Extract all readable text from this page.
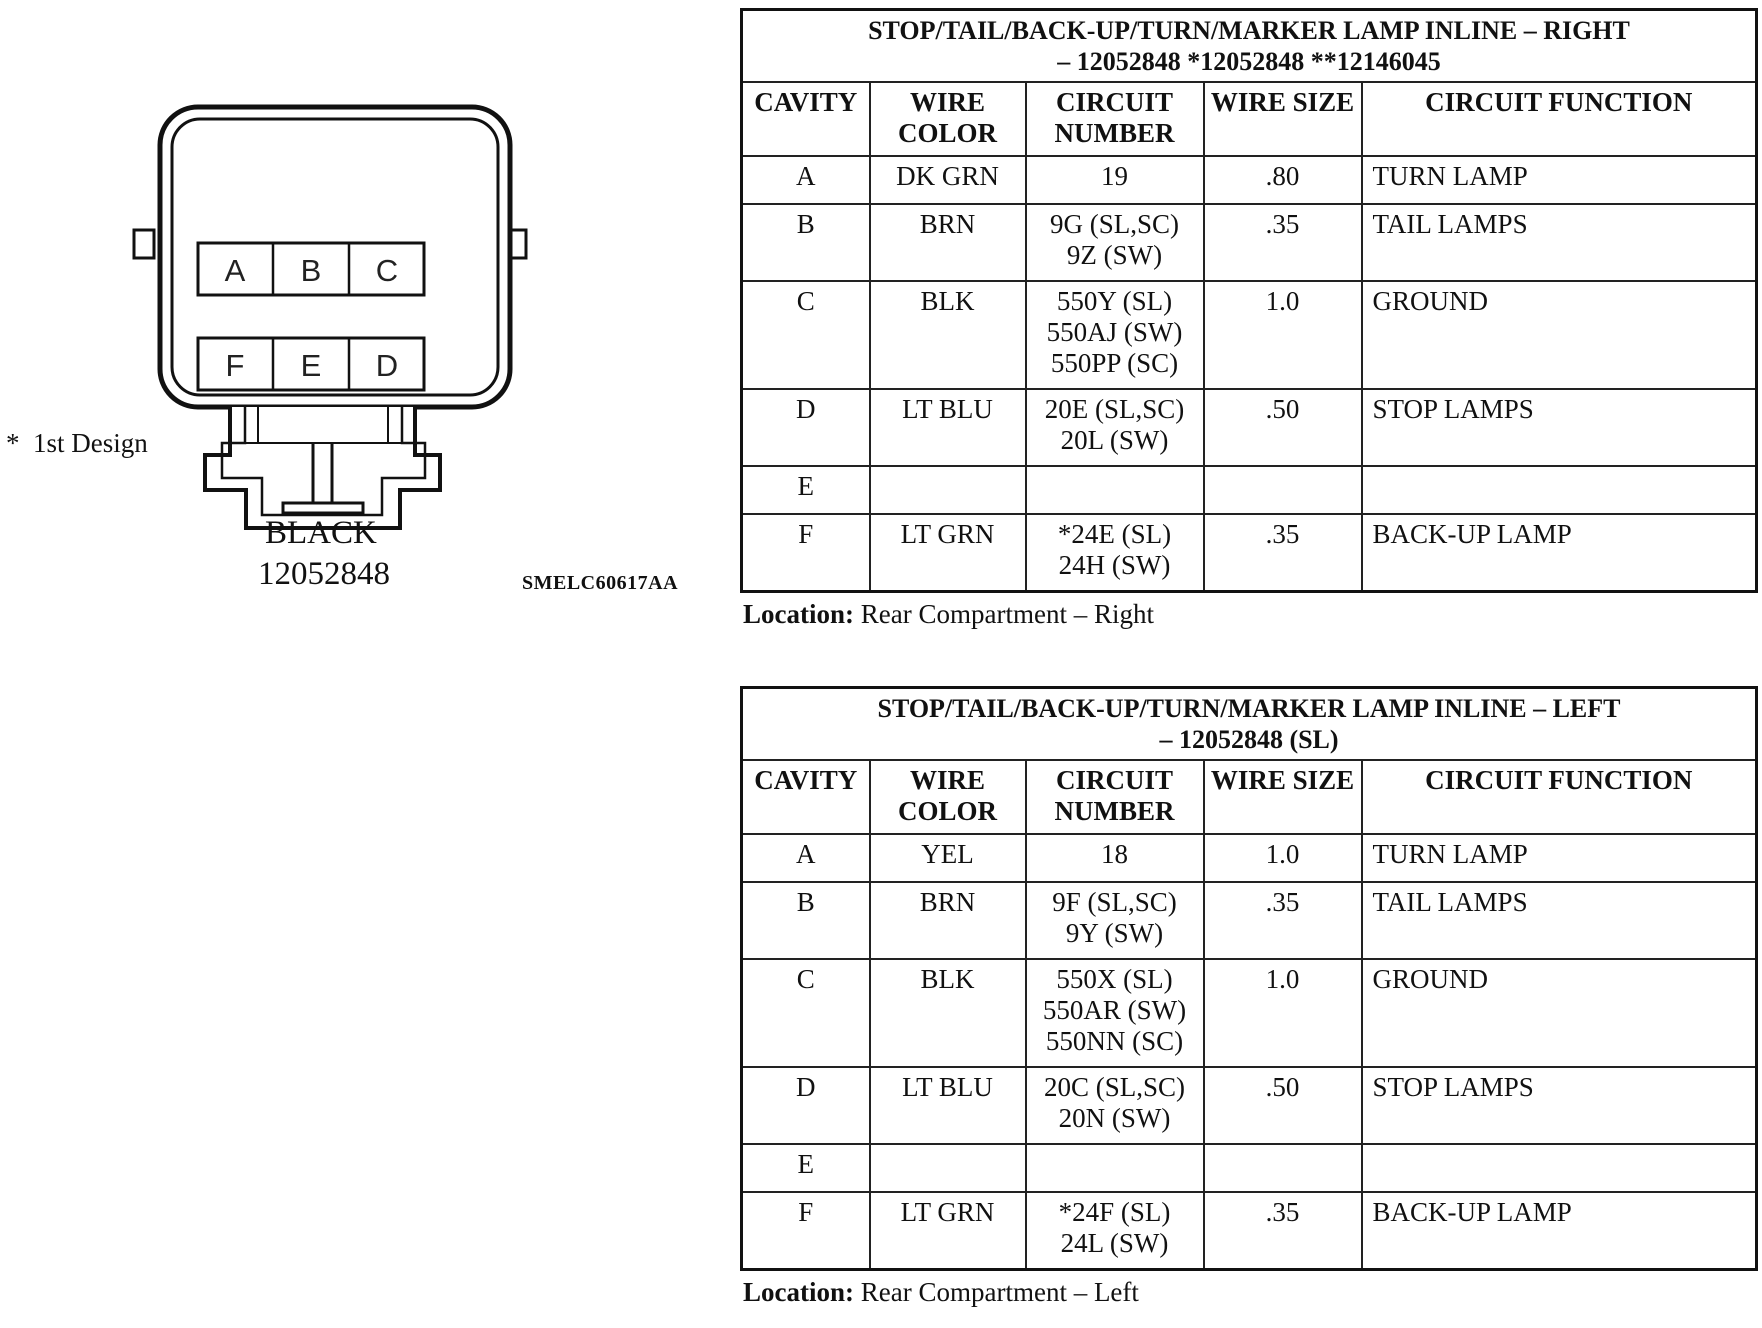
A B C
F E D
*  1st Design
BLACK
12052848	SMELC60617AA
STOP/TAIL/BACK-UP/TURN/MARKER LAMP INLINE – RIGHT
– 12052848 *12052848 **12146045				

CAVITY	WIRE COLOR	CIRCUIT NUMBER	WIRE SIZE	CIRCUIT FUNCTION
A	DK GRN	19	.80	TURN LAMP
B	BRN	9G (SL,SC)
9Z (SW)	.35	TAIL LAMPS
C	BLK	550Y (SL)
550AJ (SW)
550PP (SC)	1.0	GROUND
D	LT BLU	20E (SL,SC)
20L (SW)	.50	STOP LAMPS
E		

F	LT GRN	*24E (SL)
24H (SW)	.35	BACK-UP LAMP
Location: Rear Compartment – Right
STOP/TAIL/BACK-UP/TURN/MARKER LAMP INLINE – LEFT
– 12052848 (SL)				

CAVITY	WIRE COLOR	CIRCUIT NUMBER	WIRE SIZE	CIRCUIT FUNCTION
A	YEL	18	1.0	TURN LAMP
B	BRN	9F (SL,SC)
9Y (SW)	.35	TAIL LAMPS
C	BLK	550X (SL)
550AR (SW)
550NN (SC)	1.0	GROUND
D	LT BLU	20C (SL,SC)
20N (SW)	.50	STOP LAMPS
E		

F	LT GRN	*24F (SL)
24L (SW)	.35	BACK-UP LAMP
Location: Rear Compartment – Left
